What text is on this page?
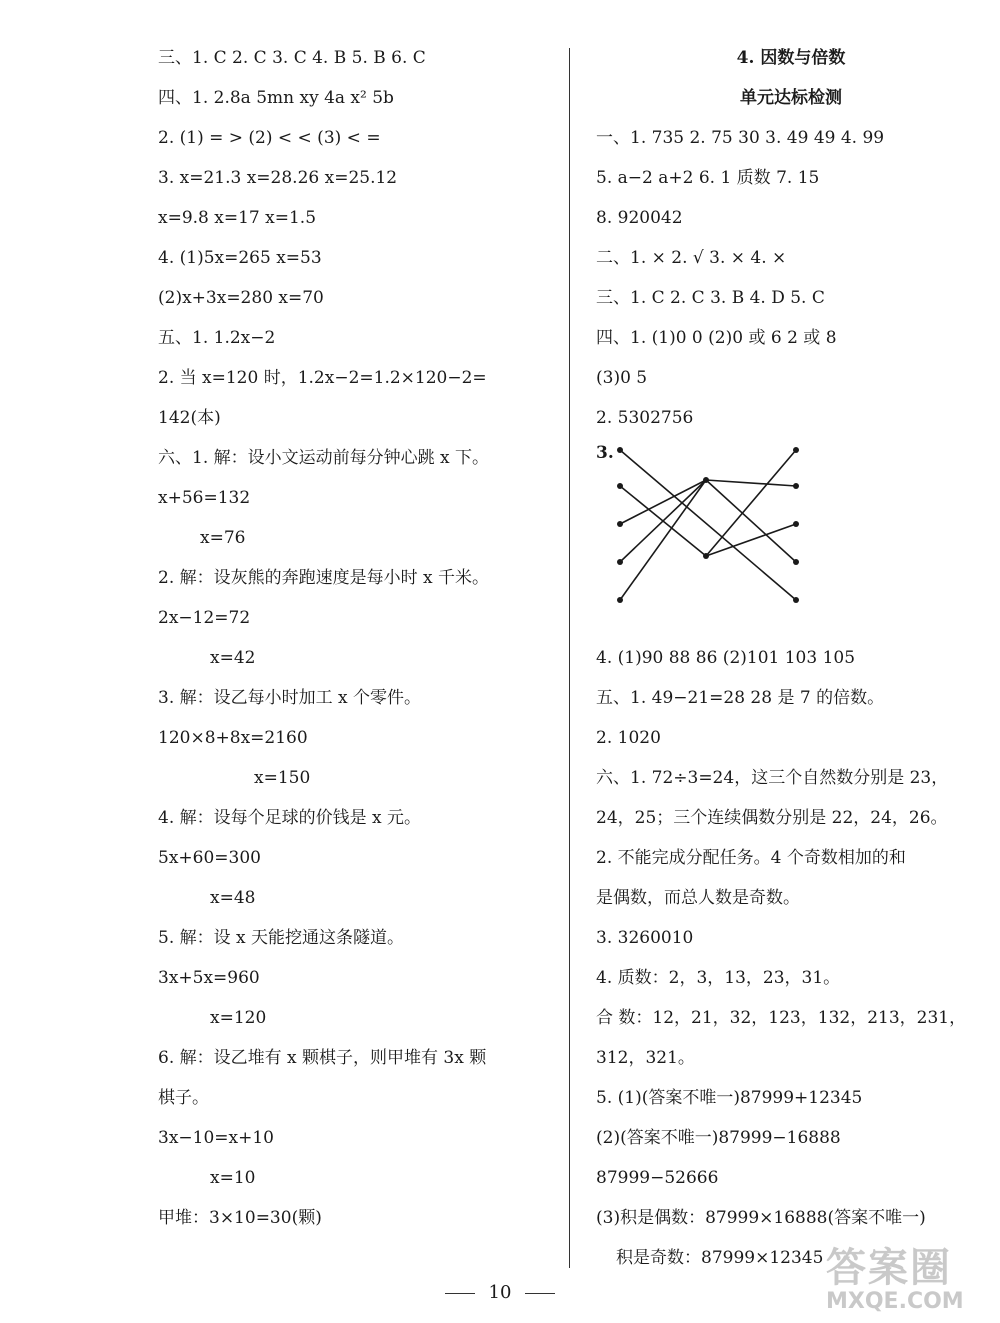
三、1. C 2. C 3. C 4. B 5. B 6. C
四、1. 2.8a 5mn xy 4a x² 5b
2. (1) = > (2) < < (3) < =
3. x=21.3 x=28.26 x=25.12
x=9.8 x=17 x=1.5
4. (1)5x=265 x=53
(2)x+3x=280 x=70
五、1. 1.2x−2
2. 当 x=120 时，1.2x−2=1.2×120−2=
142(本)
六、1. 解：设小文运动前每分钟心跳 x 下。
x+56=132
x=76
2. 解：设灰熊的奔跑速度是每小时 x 千米。
2x−12=72
x=42
3. 解：设乙每小时加工 x 个零件。
120×8+8x=2160
x=150
4. 解：设每个足球的价钱是 x 元。
5x+60=300
x=48
5. 解：设 x 天能挖通这条隧道。
3x+5x=960
x=120
6. 解：设乙堆有 x 颗棋子，则甲堆有 3x 颗
棋子。
3x−10=x+10
x=10
甲堆：3×10=30(颗)
4. 因数与倍数
单元达标检测
一、1. 735 2. 75 30 3. 49 49 4. 99
5. a−2 a+2 6. 1 质数 7. 15
8. 920042
二、1. × 2. √ 3. × 4. ×
三、1. C 2. C 3. B 4. D 5. C
四、1. (1)0 0 (2)0 或 6 2 或 8
(3)0 5
2. 5302756
3.
4. (1)90 88 86 (2)101 103 105
五、1. 49−21=28 28 是 7 的倍数。
2. 1020
六、1. 72÷3=24，这三个自然数分别是 23，
24，25；三个连续偶数分别是 22，24，26。
2. 不能完成分配任务。4 个奇数相加的和
是偶数，而总人数是奇数。
3. 3260010
4. 质数：2，3，13，23，31。
合 数：12，21，32，123，132，213，231，
312，321。
5. (1)(答案不唯一)87999+12345
(2)(答案不唯一)87999−16888
87999−52666
(3)积是偶数：87999×16888(答案不唯一)
积是奇数：87999×12345
10
答案圈
MXQE.COM
